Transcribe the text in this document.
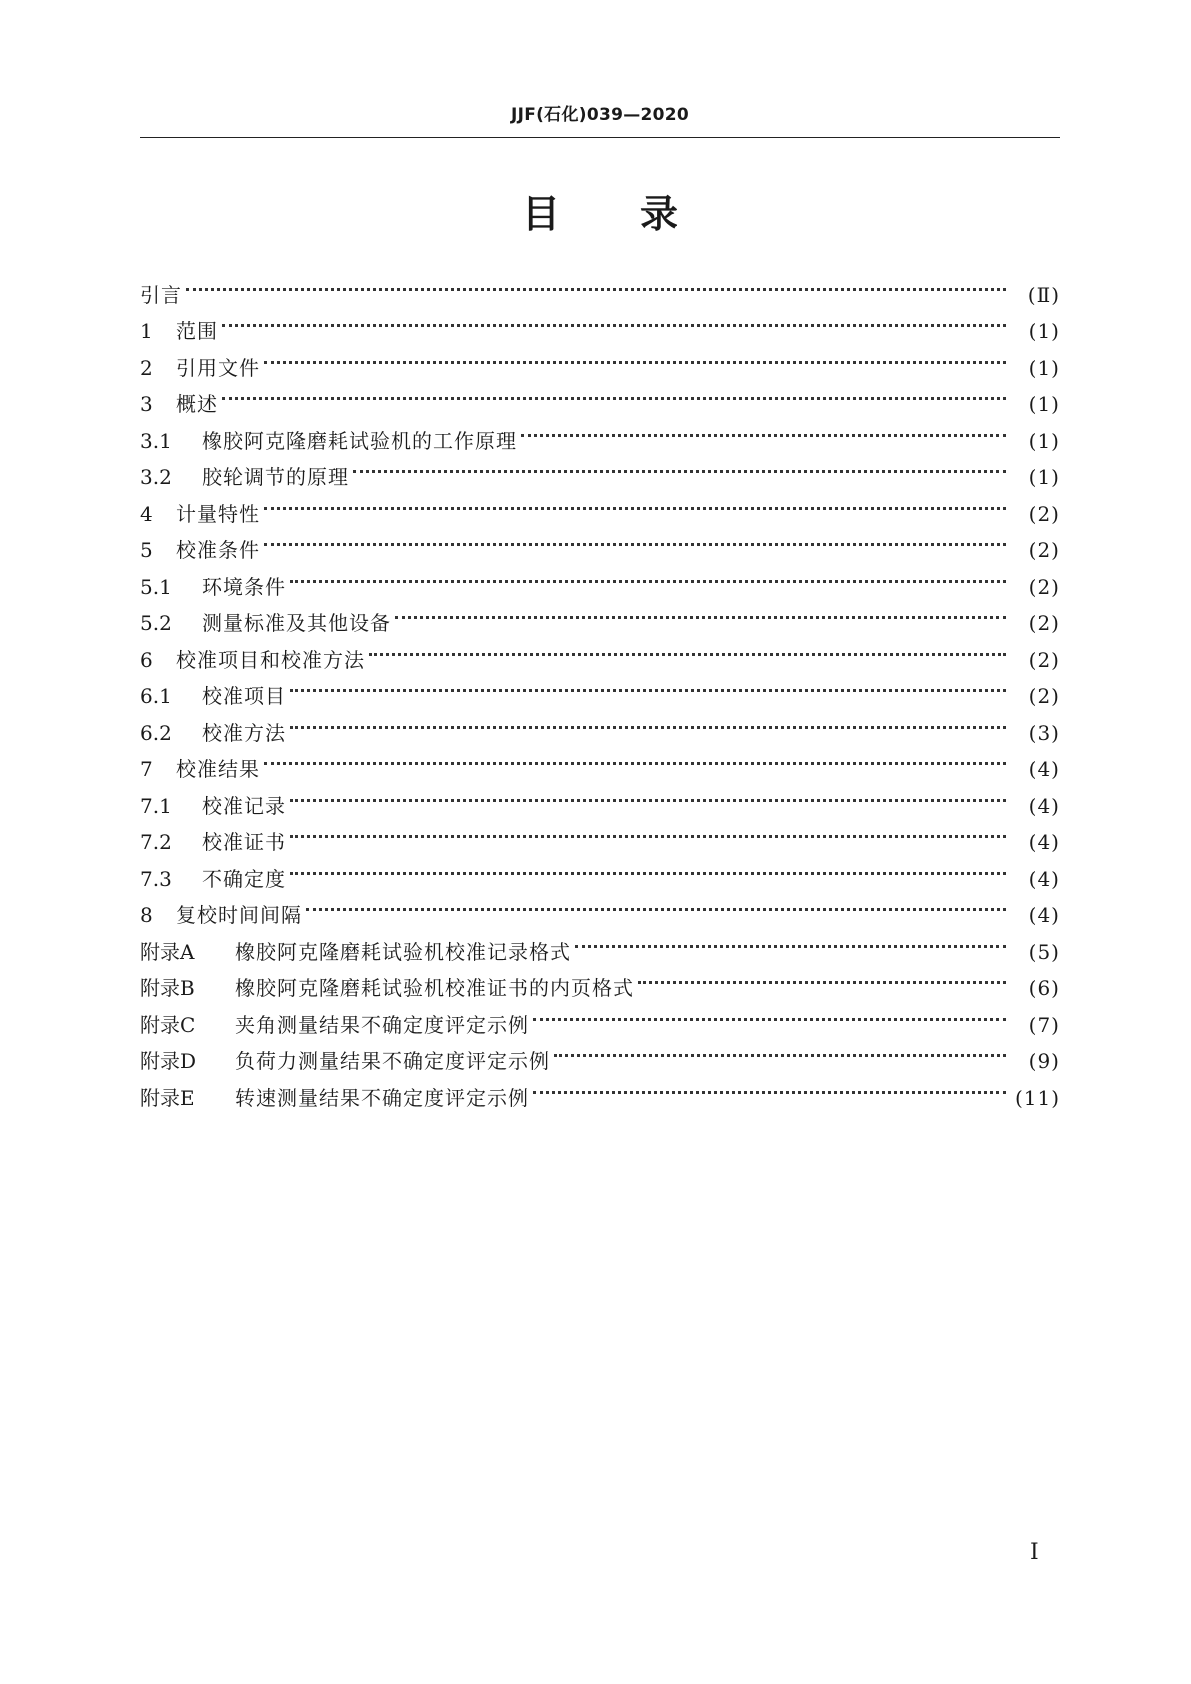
JJF(石化)039—2020
目录
引言	(Ⅱ)
1	范围	(1)
2	引用文件	(1)
3	概述	(1)
3.1	橡胶阿克隆磨耗试验机的工作原理	(1)
3.2	胶轮调节的原理	(1)
4	计量特性	(2)
5	校准条件	(2)
5.1	环境条件	(2)
5.2	测量标准及其他设备	(2)
6	校准项目和校准方法	(2)
6.1	校准项目	(2)
6.2	校准方法	(3)
7	校准结果	(4)
7.1	校准记录	(4)
7.2	校准证书	(4)
7.3	不确定度	(4)
8	复校时间间隔	(4)
附录A	橡胶阿克隆磨耗试验机校准记录格式	(5)
附录B	橡胶阿克隆磨耗试验机校准证书的内页格式	(6)
附录C	夹角测量结果不确定度评定示例	(7)
附录D	负荷力测量结果不确定度评定示例	(9)
附录E	转速测量结果不确定度评定示例	(11)
I
